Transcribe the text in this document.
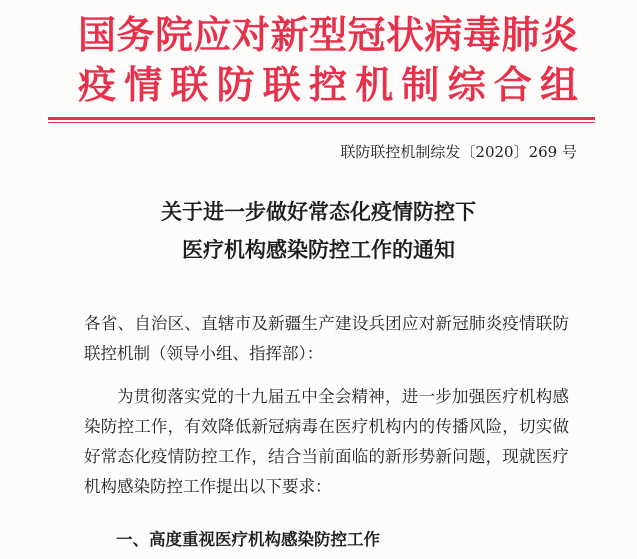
国务院应对新型冠状病毒肺炎
疫情联防联控机制综合组
联防联控机制综发〔2020〕269 号
关于进一步做好常态化疫情防控下
医疗机构感染防控工作的通知
各省、自治区、直辖市及新疆生产建设兵团应对新冠肺炎疫情联防联控机制（领导小组、指挥部）：
为贯彻落实党的十九届五中全会精神，进一步加强医疗机构感染防控工作，有效降低新冠病毒在医疗机构内的传播风险，切实做好常态化疫情防控工作，结合当前面临的新形势新问题，现就医疗机构感染防控工作提出以下要求：
一、高度重视医疗机构感染防控工作
